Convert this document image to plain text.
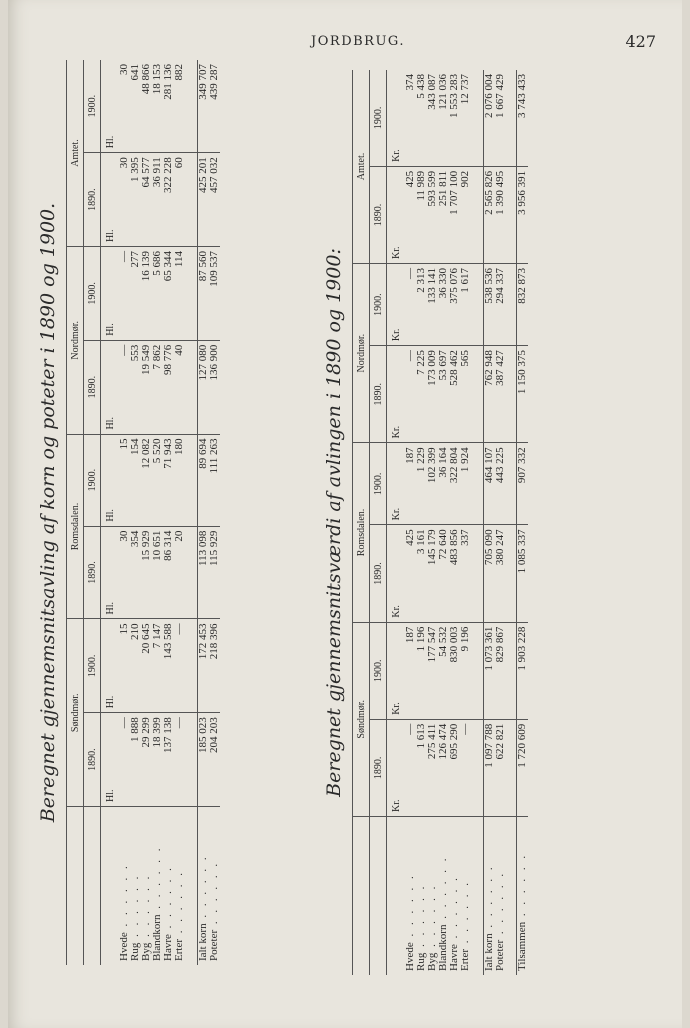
JORDBRUG.	427
Beregnet gjennemsnitsavling af korn og poteter i 1890 og 1900.
		Søndmør.		Romsdalen.		Nordmør.		Amtet.	
	1890.	1900.	1890.	1900.	1890.	1900.	1890.	1900.
	Hl.	Hl.	Hl.	Hl.	Hl.	Hl.	Hl.	Hl.
Hvede . . . . . .	—	15	30	15	—	—	30	30
Rug . . . . . .	1 888	210	354	154	553	277	1 395	641
Byg . . . . . .	29 299	20 645	15 929	12 082	19 549	16 139	64 577	48 866
Blandkorn . . . . . .	18 399	7 147	10 651	5 520	7 862	5 686	36 911	18 153
Havre . . . . . .	137 138	143 588	86 314	71 943	98 776	65 344	322 228	281 136
Erter . . . . . .	—	—	20	180	40	114	60	882

Ialt korn . . . . . .	185 023	172 453	113 098	89 694	127 080	87 560	425 201	349 707
Poteter . . . . . .	204 203	218 396	115 929	111 263	136 900	109 537	457 032	439 287
Beregnet gjennemsnitsværdi af avlingen i 1890 og 1900:
		Søndmør.		Romsdalen.		Nordmør.		Amtet.	
	1890.	1900.	1890.	1900.	1890.	1900.	1890.	1900.
	Kr.	Kr.	Kr.	Kr.	Kr.	Kr.	Kr.	Kr.
Hvede . . . . . .	—	187	425	187	—	—	425	374
Rug . . . . . .	1 613	1 196	3 161	1 229	7 225	2 313	11 989	5 438
Byg . . . . . .	275 411	177 547	145 179	102 399	173 009	133 141	593 599	343 087
Blandkorn . . . . . .	126 474	54 532	72 640	36 164	53 697	36 330	251 811	121 036
Havre . . . . . .	695 290	830 003	483 856	322 804	528 462	375 076	1 707 100	1 553 283
Erter . . . . . .	—	9 196	337	1 924	565	1 617	902	12 737

Ialt korn . . . . . .	1 097 788	1 073 361	705 090	464 107	762 948	538 536	2 565 826	2 076 004
Poteter . . . . . .	622 821	829 867	380 247	443 225	387 427	294 337	1 390 495	1 667 429

Tilsammen . . . . . .	1 720 609	1 903 228	1 085 337	907 332	1 150 375	832 873	3 956 391	3 743 433
